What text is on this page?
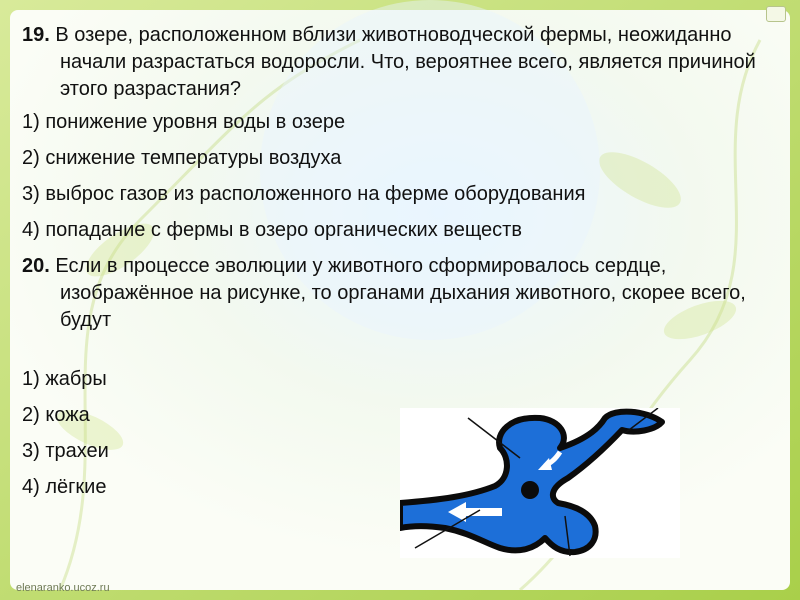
19. В озере, расположенном вблизи животноводческой фермы, неожиданно начали разрастаться водоросли. Что, вероятнее всего, является причиной этого разрастания?
1) понижение уровня воды в озере
2) снижение температуры воздуха
3) выброс газов из расположенного на ферме оборудования
4) попадание с фермы в озеро органических веществ
20. Если в процессе эволюции у животного сформировалось сердце, изображённое на рисунке, то органами дыхания животного, скорее всего, будут
1) жабры
2) кожа
3) трахеи
4) лёгкие
elenaranko.ucoz.ru
